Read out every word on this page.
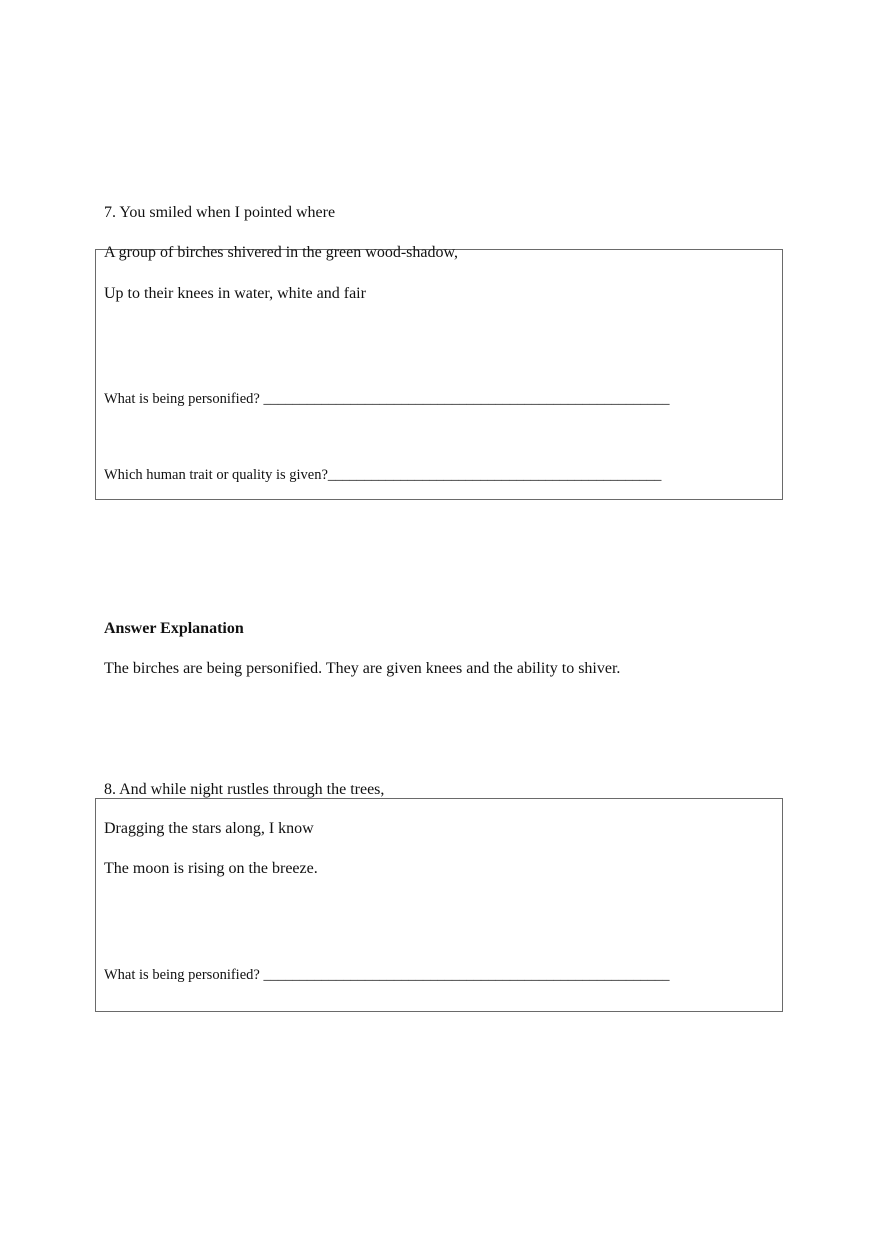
7. You smiled when I pointed where
A group of birches shivered in the green wood-shadow,
Up to their knees in water, white and fair
What is being personified? ________________________________________________________
Which human trait or quality is given?______________________________________________
Answer Explanation
The birches are being personified. They are given knees and the ability to shiver.
8. And while night rustles through the trees,
Dragging the stars along, I know
The moon is rising on the breeze.
What is being personified? ________________________________________________________
